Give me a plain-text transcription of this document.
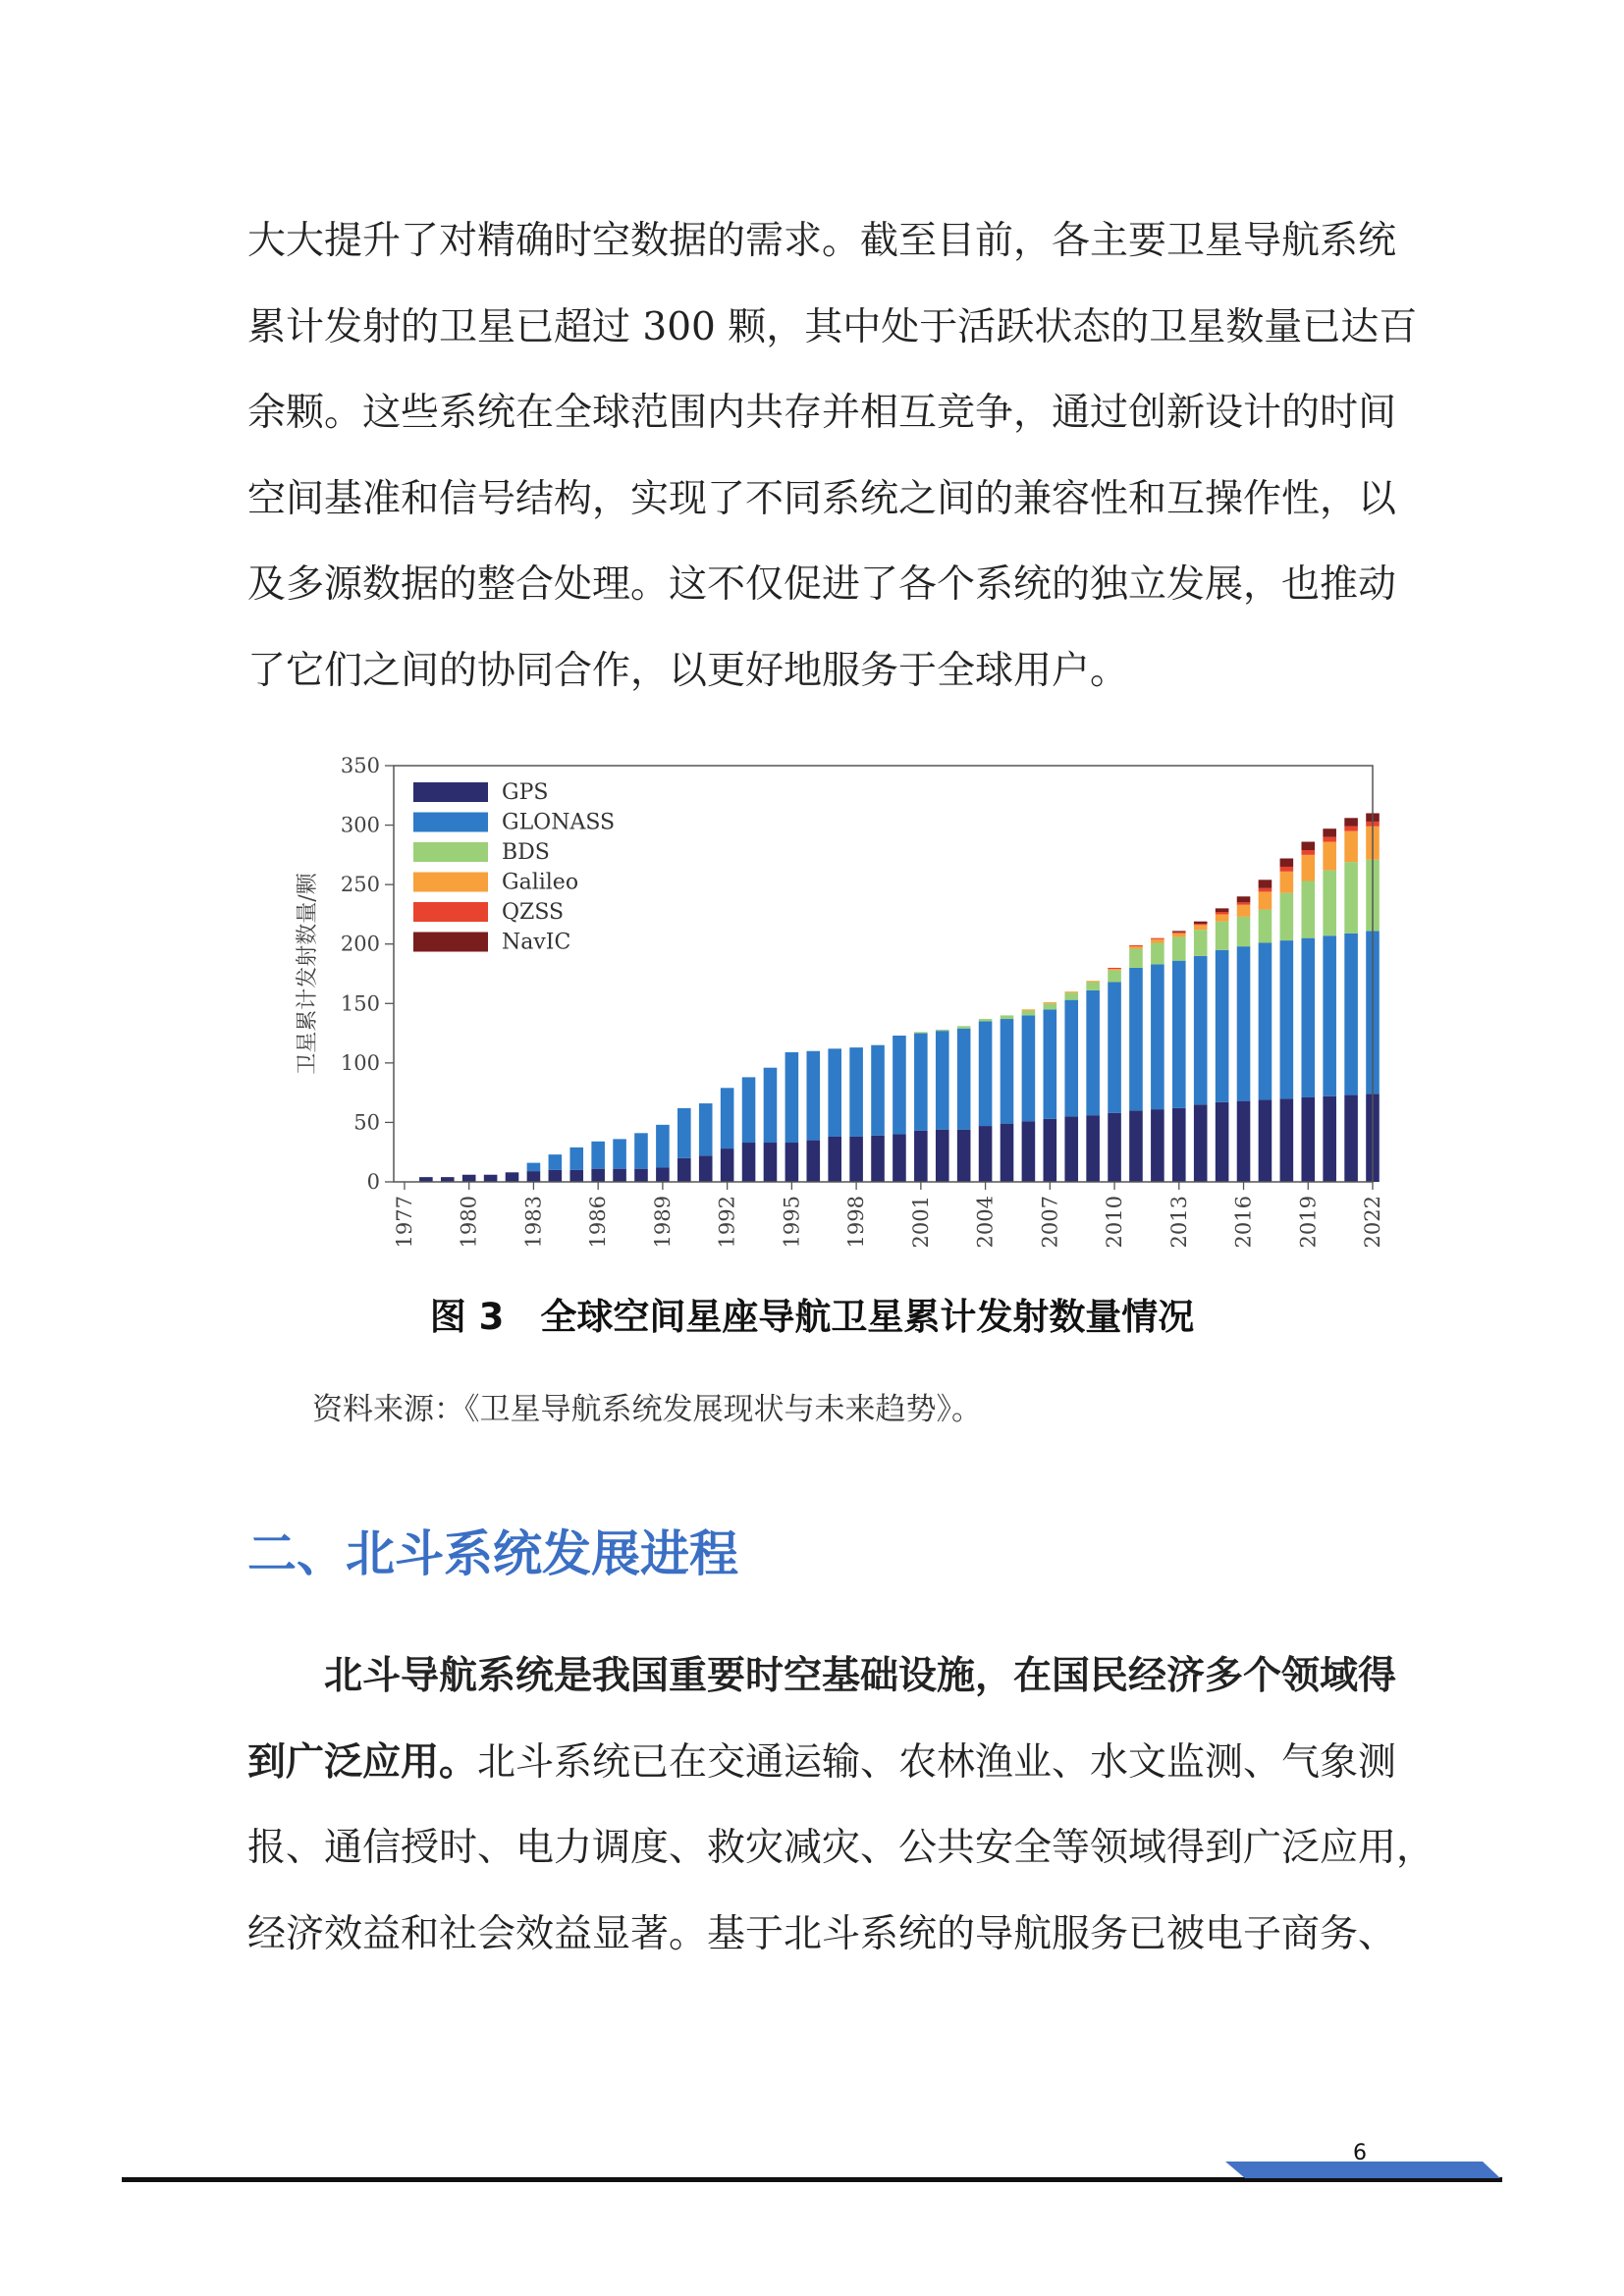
大大提升了对精确时空数据的需求。截至目前，各主要卫星导航系统
累计发射的卫星已超过 300 颗，其中处于活跃状态的卫星数量已达百
余颗。这些系统在全球范围内共存并相互竞争，通过创新设计的时间
空间基准和信号结构，实现了不同系统之间的兼容性和互操作性，以
及多源数据的整合处理。这不仅促进了各个系统的独立发展，也推动
了它们之间的协同合作，以更好地服务于全球用户。

0
50
100
150
200
250
300
350
1977 1980 1983 1986 1989 1992 1995 1998 2001 2004 2007 2010 2013 2016 2019 2022
卫星累计发射数量/颗
GPS
GLONASS
BDS
Galileo
QZSS
NavIC

图 3　全球空间星座导航卫星累计发射数量情况

资料来源：《卫星导航系统发展现状与未来趋势》。

二、北斗系统发展进程

北斗导航系统是我国重要时空基础设施，在国民经济多个领域得
到广泛应用。北斗系统已在交通运输、农林渔业、水文监测、气象测
报、通信授时、电力调度、救灾减灾、公共安全等领域得到广泛应用，
经济效益和社会效益显著。基于北斗系统的导航服务已被电子商务、

6
